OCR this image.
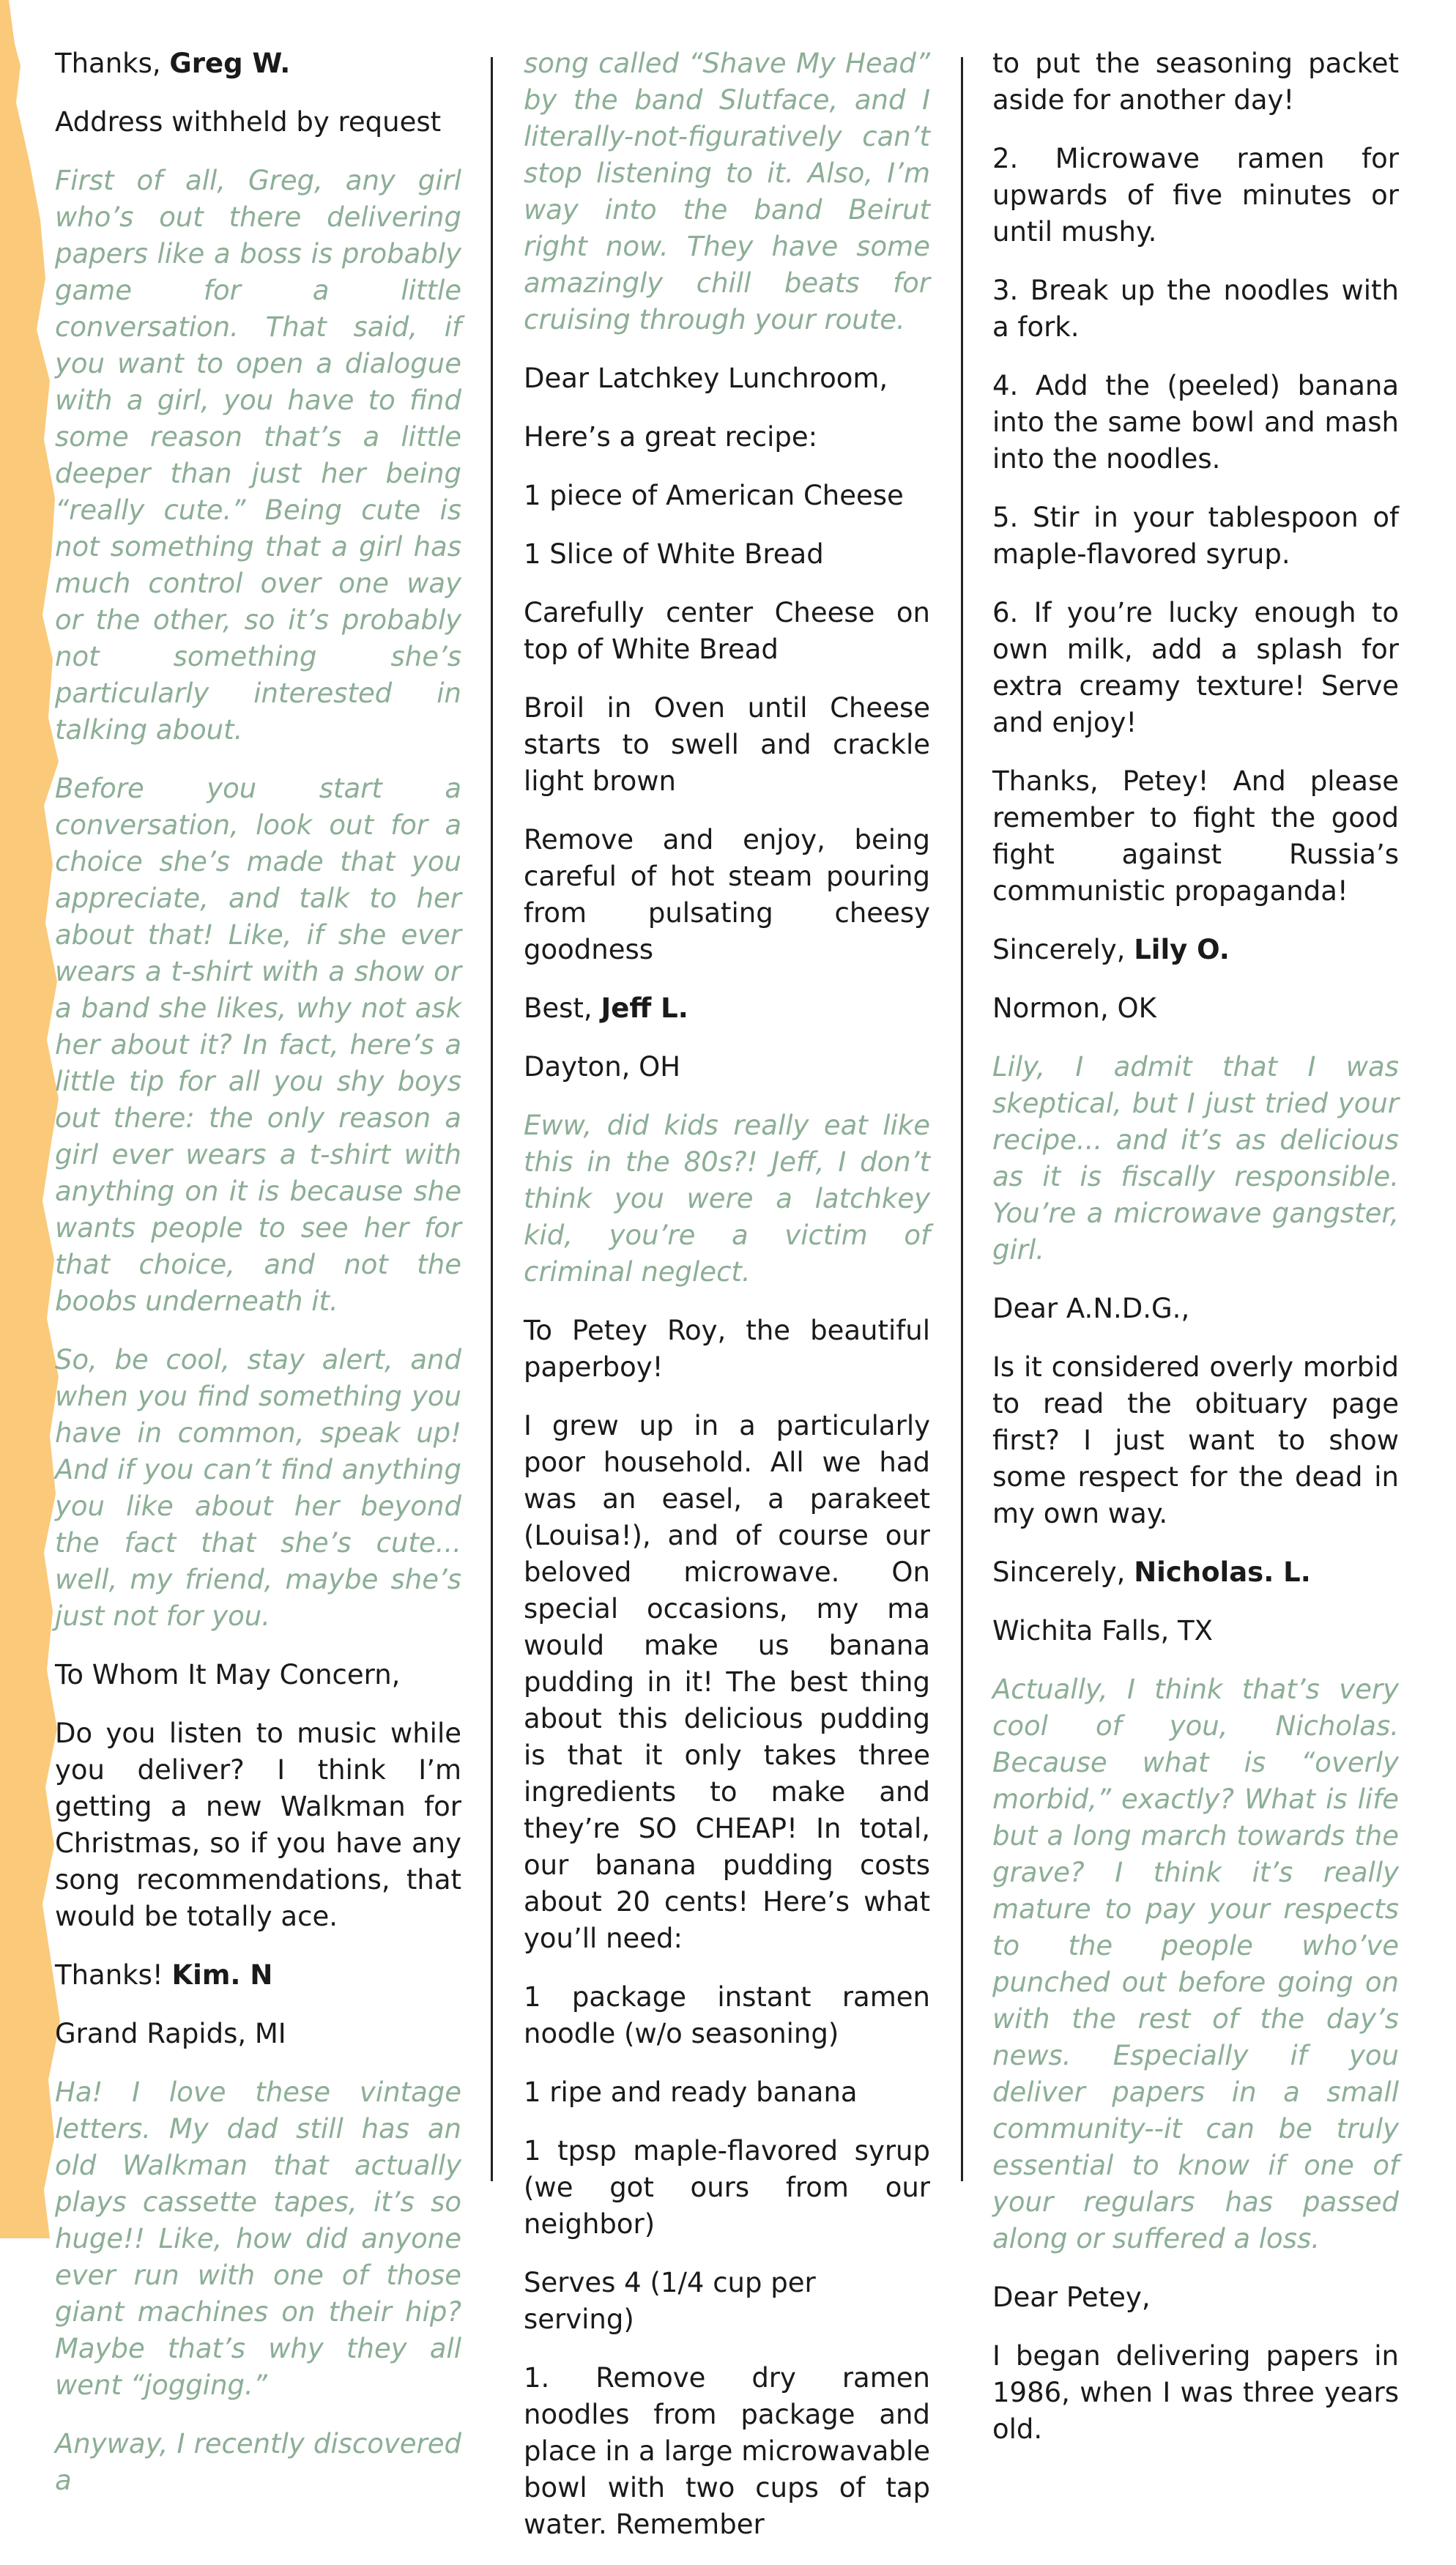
Thanks, Greg W.

Address withheld by request

First of all, Greg, any girl who’s out there delivering papers like a boss is probably game for a little conversation. That said, if you want to open a dialogue with a girl, you have to find some reason that’s a little deeper than just her being “really cute.” Being cute is not something that a girl has much control over one way or the other, so it’s probably not something she’s particularly interested in talking about.

Before you start a conversation, look out for a choice she’s made that you appreciate, and talk to her about that! Like, if she ever wears a t-shirt with a show or a band she likes, why not ask her about it? In fact, here’s a little tip for all you shy boys out there: the only reason a girl ever wears a t-shirt with anything on it is because she wants people to see her for that choice, and not the boobs underneath it.

So, be cool, stay alert, and when you find something you have in common, speak up! And if you can’t find anything you like about her beyond the fact that she’s cute... well, my friend, maybe she’s just not for you.

To Whom It May Concern,

Do you listen to music while you deliver? I think I’m getting a new Walkman for Christmas, so if you have any song recommendations, that would be totally ace.

Thanks! Kim. N

Grand Rapids, MI

Ha! I love these vintage letters. My dad still has an old Walkman that actually plays cassette tapes, it’s so huge!! Like, how did anyone ever run with one of those giant machines on their hip? Maybe that’s why they all went “jogging.”

Anyway, I recently discovered a

song called “Shave My Head” by the band Slutface, and I literally-not-figuratively can’t stop listening to it. Also, I’m way into the band Beirut right now. They have some amazingly chill beats for cruising through your route.

Dear Latchkey Lunchroom,

Here’s a great recipe:

1 piece of American Cheese

1 Slice of White Bread

Carefully center Cheese on top of White Bread

Broil in Oven until Cheese starts to swell and crackle light brown

Remove and enjoy, being careful of hot steam pouring from pulsating cheesy goodness

Best, Jeff L.

Dayton, OH

Eww, did kids really eat like this in the 80s?! Jeff, I don’t think you were a latchkey kid, you’re a victim of criminal neglect.

To Petey Roy, the beautiful paperboy!

I grew up in a particularly poor household. All we had was an easel, a parakeet (Louisa!), and of course our beloved microwave. On special occasions, my ma would make us banana pudding in it! The best thing about this delicious pudding is that it only takes three ingredients to make and they’re SO CHEAP! In total, our banana pudding costs about 20 cents! Here’s what you’ll need:

1 package instant ramen noodle (w/o seasoning)

1 ripe and ready banana

1 tpsp maple-flavored syrup (we got ours from our neighbor)

Serves 4 (1/4 cup per serving)

1. Remove dry ramen noodles from package and place in a large microwavable bowl with two cups of tap water. Remember

to put the seasoning packet aside for another day!

2. Microwave ramen for upwards of five minutes or until mushy.

3. Break up the noodles with a fork.

4. Add the (peeled) banana into the same bowl and mash into the noodles.

5. Stir in your tablespoon of maple-flavored syrup.

6. If you’re lucky enough to own milk, add a splash for extra creamy texture! Serve and enjoy!

Thanks, Petey! And please remember to fight the good fight against Russia’s communistic propaganda!

Sincerely, Lily O.

Normon, OK

Lily, I admit that I was skeptical, but I just tried your recipe... and it’s as delicious as it is fiscally responsible. You’re a microwave gangster, girl.

Dear A.N.D.G.,

Is it considered overly morbid to read the obituary page first? I just want to show some respect for the dead in my own way.

Sincerely, Nicholas. L.

Wichita Falls, TX

Actually, I think that’s very cool of you, Nicholas. Because what is “overly morbid,” exactly? What is life but a long march towards the grave? I think it’s really mature to pay your respects to the people who’ve punched out before going on with the rest of the day’s news. Especially if you deliver papers in a small community--it can be truly essential to know if one of your regulars has passed along or suffered a loss.

Dear Petey,

I began delivering papers in 1986, when I was three years old.
